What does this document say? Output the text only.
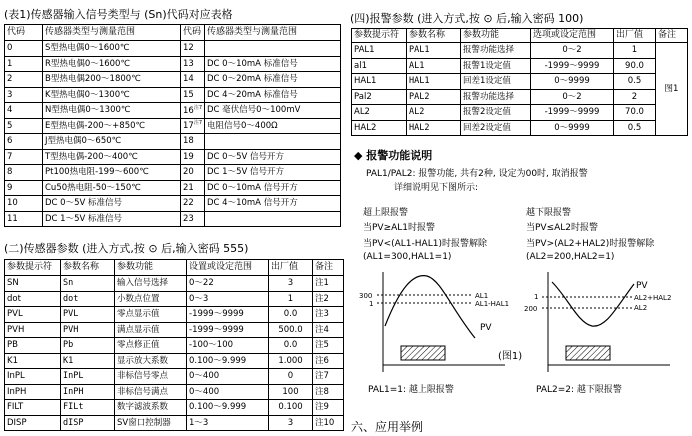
(表1)传感器输入信号类型与 (Sn)代码对应表格
代码	传感器类型与测量范围	代码	传感器类型与测量范围
0	S型热电偶0～1600℃	12	
1	R型热电偶0～1600℃	13	DC 0～10mA 标准信号
2	B型热电偶200～1800℃	14	DC 0～20mA 标准信号
3	K型热电偶0～1300℃	15	DC 4～20mA 标准信号
4	N型热电偶0～1300℃	16$^{注7}$	DC 毫伏信号0～100mV
5	E型热电偶-200～+850℃	17$^{注7}$	电阻信号0～400Ω
6	J型热电偶0～650℃	18	
7	T型热电偶-200～400℃	19	DC 0～5V 信号开方
8	Pt100热电阻-199～600℃	20	DC 1～5V 信号开方
9	Cu50热电阻-50～150℃	21	DC 0～10mA 信号开方
10	DC 0～5V 标准信号	22	DC 4～10mA 信号开方
11	DC 1～5V 标准信号	23	
(二)传感器参数 (进入方式,按 ⊙ 后,输入密码 555)
参数提示符	参数名称	参数功能	设置或设定范围	出厂值	备注
SN	Sn	输入信号选择	0～22	3	注1
dot	dot	小数点位置	0～3	1	注2
PVL	PVL	零点显示值	-1999～9999	0.0	注3
PVH	PVH	满点显示值	-1999～9999	500.0	注4
PB	Pb	零点修正值	-100～100	0.0	注5
K1	K1	显示放大系数	0.100～9.999	1.000	注6
InPL	InPL	非标信号零点	0～400	0	注7
InPH	InPH	非标信号满点	0～400	100	注8
FILT	FILt	数字滤波系数	0.100～9.999	0.100	注9
DISP	dISP	SV窗口控制器	1～3	3	注10
(四)报警参数 (进入方式,按 ⊙ 后,输入密码 100)
参数提示符	参数名称	参数功能	选项或设定范围	出厂值	备注
PAL1	PAL1	报警功能选择	0～2	1	图1
al1	AL1	报警1设定值	-1999～9999	90.0	
HAL1	HAL1	回差1设定值	0～9999	0.5	
Pal2	PAL2	报警功能选择	0～2	2	
AL2	AL2	报警2设定值	-1999～9999	70.0	
HAL2	HAL2	回差2设定值	0～9999	0.5	
◆ 报警功能说明
PAL1/PAL2: 报警功能, 共有2种, 设定为00时, 取消报警
详细说明见下图所示:
超上限报警
当PV≥AL1时报警
当PV<(AL1-HAL1)时报警解除
(AL1=300,HAL1=1)
越下限报警
当PV≤AL2时报警
当PV>(AL2+HAL2)时报警解除
(AL2=200,HAL2=1)
300
1
AL1
AL1-HAL1
PV
1
200
PV
AL2+HAL2
AL2
(图1)
PAL1=1: 越上限报警	PAL2=2: 越下限报警
六、应用举例
